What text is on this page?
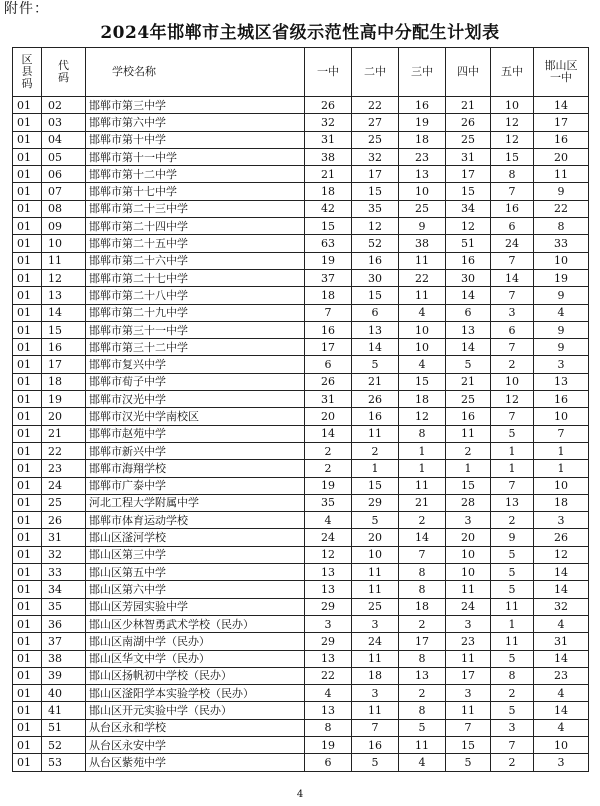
附件：
2024年邯郸市主城区省级示范性高中分配生计划表
区县码	代码	学校名称	一中	二中	三中	四中	五中	邯山区一中
01	02	邯郸市第三中学	26	22	16	21	10	14
01	03	邯郸市第六中学	32	27	19	26	12	17
01	04	邯郸市第十中学	31	25	18	25	12	16
01	05	邯郸市第十一中学	38	32	23	31	15	20
01	06	邯郸市第十二中学	21	17	13	17	8	11
01	07	邯郸市第十七中学	18	15	10	15	7	9
01	08	邯郸市第二十三中学	42	35	25	34	16	22
01	09	邯郸市第二十四中学	15	12	9	12	6	8
01	10	邯郸市第二十五中学	63	52	38	51	24	33
01	11	邯郸市第二十六中学	19	16	11	16	7	10
01	12	邯郸市第二十七中学	37	30	22	30	14	19
01	13	邯郸市第二十八中学	18	15	11	14	7	9
01	14	邯郸市第二十九中学	7	6	4	6	3	4
01	15	邯郸市第三十一中学	16	13	10	13	6	9
01	16	邯郸市第三十二中学	17	14	10	14	7	9
01	17	邯郸市复兴中学	6	5	4	5	2	3
01	18	邯郸市荀子中学	26	21	15	21	10	13
01	19	邯郸市汉光中学	31	26	18	25	12	16
01	20	邯郸市汉光中学南校区	20	16	12	16	7	10
01	21	邯郸市赵苑中学	14	11	8	11	5	7
01	22	邯郸市新兴中学	2	2	1	2	1	1
01	23	邯郸市海翔学校	2	1	1	1	1	1
01	24	邯郸市广泰中学	19	15	11	15	7	10
01	25	河北工程大学附属中学	35	29	21	28	13	18
01	26	邯郸市体育运动学校	4	5	2	3	2	3
01	31	邯山区滏河学校	24	20	14	20	9	26
01	32	邯山区第三中学	12	10	7	10	5	12
01	33	邯山区第五中学	13	11	8	10	5	14
01	34	邯山区第六中学	13	11	8	11	5	14
01	35	邯山区芳园实验中学	29	25	18	24	11	32
01	36	邯山区少林智勇武术学校（民办）	3	3	2	3	1	4
01	37	邯山区南湖中学（民办）	29	24	17	23	11	31
01	38	邯山区华文中学（民办）	13	11	8	11	5	14
01	39	邯山区扬帆初中学校（民办）	22	18	13	17	8	23
01	40	邯山区滏阳学本实验学校（民办）	4	3	2	3	2	4
01	41	邯山区开元实验中学（民办）	13	11	8	11	5	14
01	51	从台区永和学校	8	7	5	7	3	4
01	52	从台区永安中学	19	16	11	15	7	10
01	53	从台区紫苑中学	6	5	4	5	2	3
4
